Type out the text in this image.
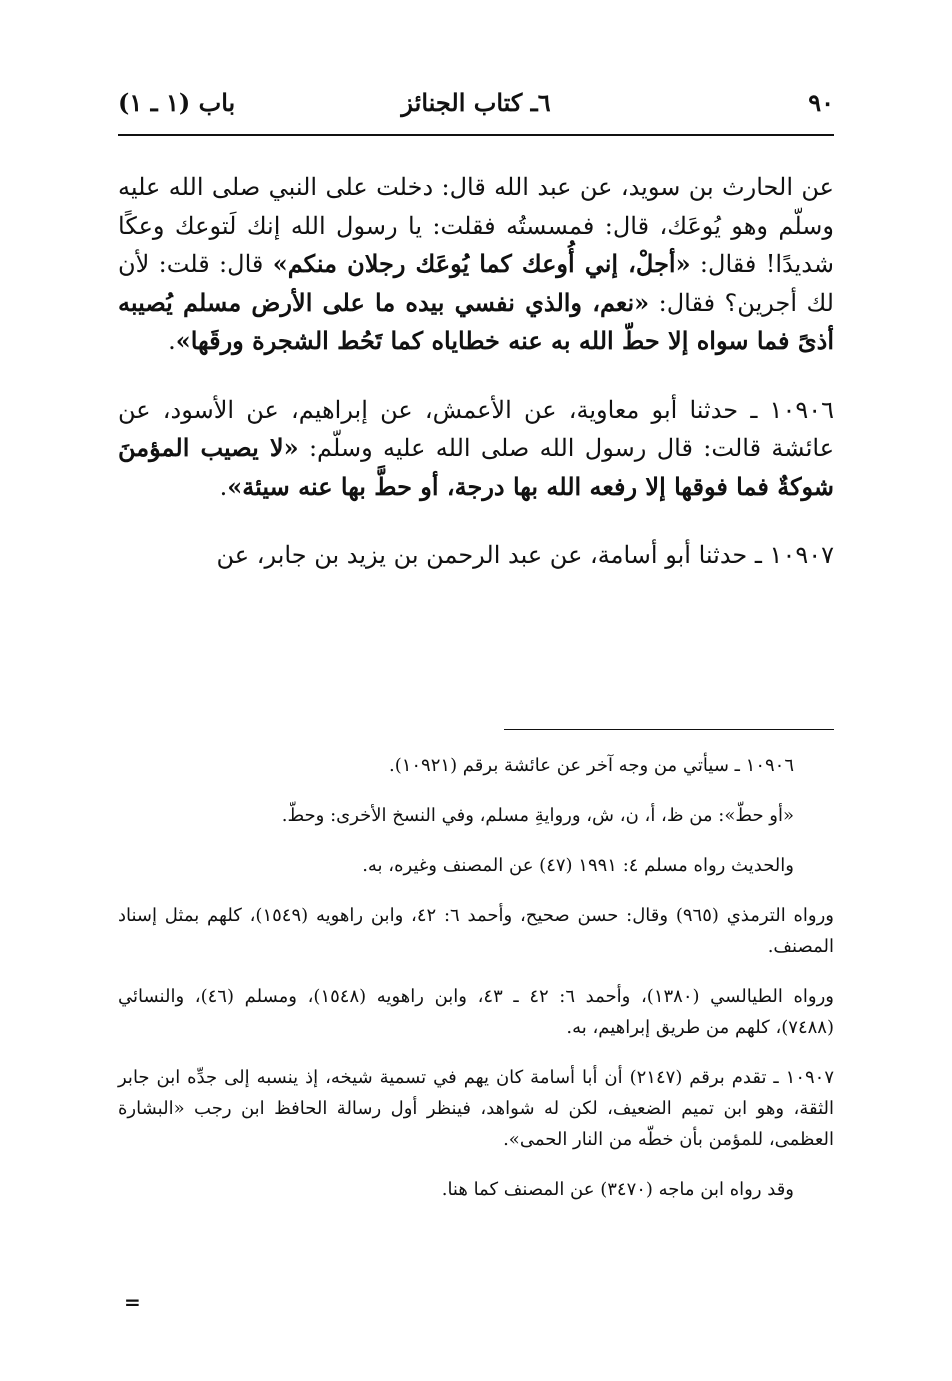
٩٠
٦ـ كتاب الجنائز
باب (١ ـ ١)

عن الحارث بن سويد، عن عبد الله قال: دخلت على النبي صلى الله عليه وسلّم وهو يُوعَك، قال: فمسستُه فقلت: يا رسول الله إنك لَتوعك وعكًا شديدًا! فقال: «أجلْ، إني أُوعك كما يُوعَك رجلان منكم» قال: قلت: لأن لك أجرين؟ فقال: «نعم، والذي نفسي بيده ما على الأرض مسلم يُصيبه أذىً فما سواه إلا حطّ الله به عنه خطاياه كما تَحُط الشجرة ورقَها».

١٠٩٠٦ ـ حدثنا أبو معاوية، عن الأعمش، عن إبراهيم، عن الأسود، عن عائشة قالت: قال رسول الله صلى الله عليه وسلّم: «لا يصيب المؤمنَ شوكةٌ فما فوقها إلا رفعه الله بها درجة، أو حطَّ بها عنه سيئة».

١٠٩٠٧ ـ حدثنا أبو أسامة، عن عبد الرحمن بن يزيد بن جابر، عن

١٠٩٠٦ ـ سيأتي من وجه آخر عن عائشة برقم (١٠٩٢١).

«أو حطّ»: من ظ، أ، ن، ش، وروايةِ مسلم، وفي النسخ الأخرى: وحطّ.

والحديث رواه مسلم ٤: ١٩٩١ (٤٧) عن المصنف وغيره، به.

ورواه الترمذي (٩٦٥) وقال: حسن صحيح، وأحمد ٦: ٤٢، وابن راهويه (١٥٤٩)، كلهم بمثل إسناد المصنف.

ورواه الطيالسي (١٣٨٠)، وأحمد ٦: ٤٢ ـ ٤٣، وابن راهويه (١٥٤٨)، ومسلم (٤٦)، والنسائي (٧٤٨٨)، كلهم من طريق إبراهيم، به.

١٠٩٠٧ ـ تقدم برقم (٢١٤٧) أن أبا أسامة كان يهم في تسمية شيخه، إذ ينسبه إلى جدِّه ابن جابر الثقة، وهو ابن تميم الضعيف، لكن له شواهد، فينظر أول رسالة الحافظ ابن رجب «البشارة العظمى، للمؤمن بأن خطّه من النار الحمى».

وقد رواه ابن ماجه (٣٤٧٠) عن المصنف كما هنا.

=
